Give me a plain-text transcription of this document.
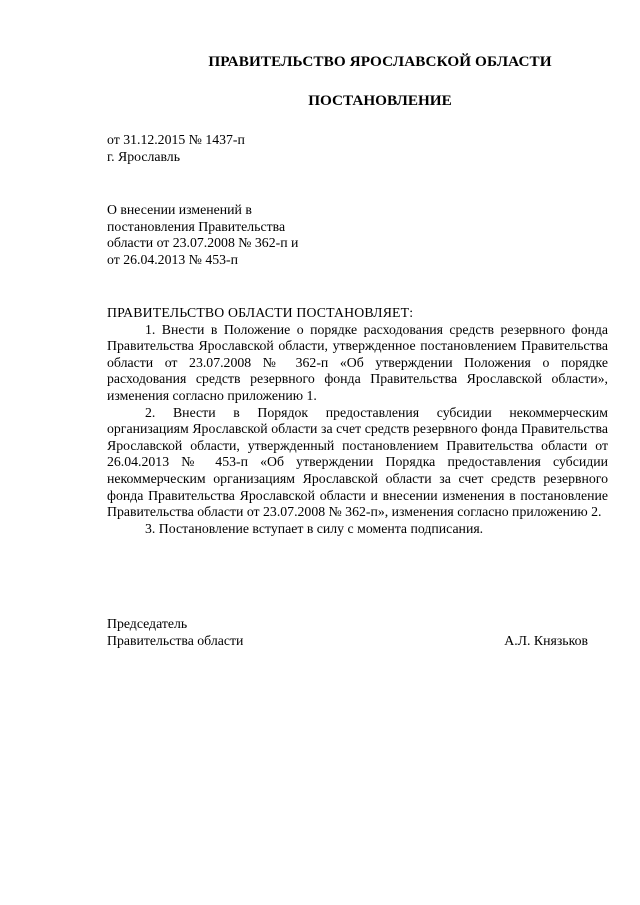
ПРАВИТЕЛЬСТВО ЯРОСЛАВСКОЙ ОБЛАСТИ
ПОСТАНОВЛЕНИЕ
от 31.12.2015 № 1437-п
г. Ярославль
О внесении изменений в
постановления Правительства
области от 23.07.2008 № 362-п и
от 26.04.2013 № 453-п
ПРАВИТЕЛЬСТВО ОБЛАСТИ ПОСТАНОВЛЯЕТ:

1. Внести в Положение о порядке расходования средств резервного фонда Правительства Ярославской области, утвержденное постановлением Правительства области от 23.07.2008 № 362-п «Об утверждении Положения о порядке расходования средств резервного фонда Правительства Ярославской области», изменения согласно приложению 1.

2. Внести в Порядок предоставления субсидии некоммерческим организациям Ярославской области за счет средств резервного фонда Правительства Ярославской области, утвержденный постановлением Правительства области от 26.04.2013 № 453-п «Об утверждении Порядка предоставления субсидии некоммерческим организациям Ярославской области за счет средств резервного фонда Правительства Ярославской области и внесении изменения в постановление Правительства области от 23.07.2008 № 362-п», изменения согласно приложению 2.

3. Постановление вступает в силу с момента подписания.

Председатель
Правительства области	А.Л. Князьков
